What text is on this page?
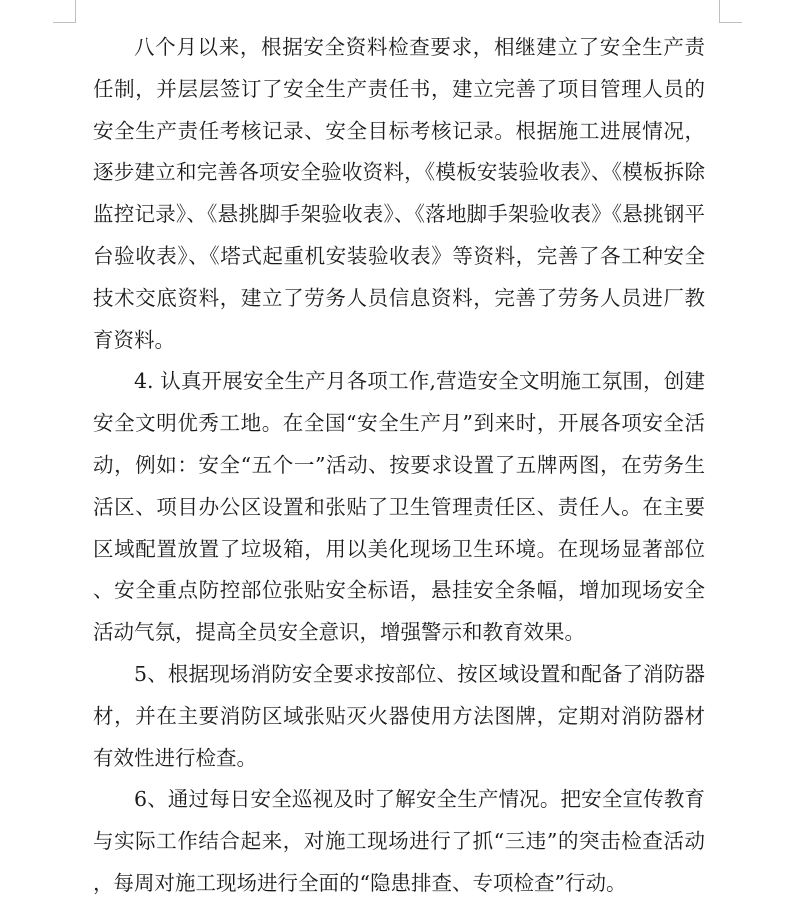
八个月以来，根据安全资料检查要求，相继建立了安全生产责任制，并层层签订了安全生产责任书，建立完善了项目管理人员的安全生产责任考核记录、安全目标考核记录。根据施工进展情况，逐步建立和完善各项安全验收资料，《模板安装验收表》、《模板拆除监控记录》、《悬挑脚手架验收表》、《落地脚手架验收表》《悬挑钢平台验收表》、《塔式起重机安装验收表》等资料，完善了各工种安全技术交底资料，建立了劳务人员信息资料，完善了劳务人员进厂教育资料。

4. 认真开展安全生产月各项工作,营造安全文明施工氛围，创建安全文明优秀工地。在全国“安全生产月”到来时，开展各项安全活动，例如：安全“五个一”活动、按要求设置了五牌两图，在劳务生活区、项目办公区设置和张贴了卫生管理责任区、责任人。在主要区域配置放置了垃圾箱，用以美化现场卫生环境。在现场显著部位、安全重点防控部位张贴安全标语，悬挂安全条幅，增加现场安全活动气氛，提高全员安全意识，增强警示和教育效果。

5、根据现场消防安全要求按部位、按区域设置和配备了消防器材，并在主要消防区域张贴灭火器使用方法图牌，定期对消防器材有效性进行检查。

6、通过每日安全巡视及时了解安全生产情况。把安全宣传教育与实际工作结合起来，对施工现场进行了抓“三违”的突击检查活动，每周对施工现场进行全面的“隐患排查、专项检查”行动。
